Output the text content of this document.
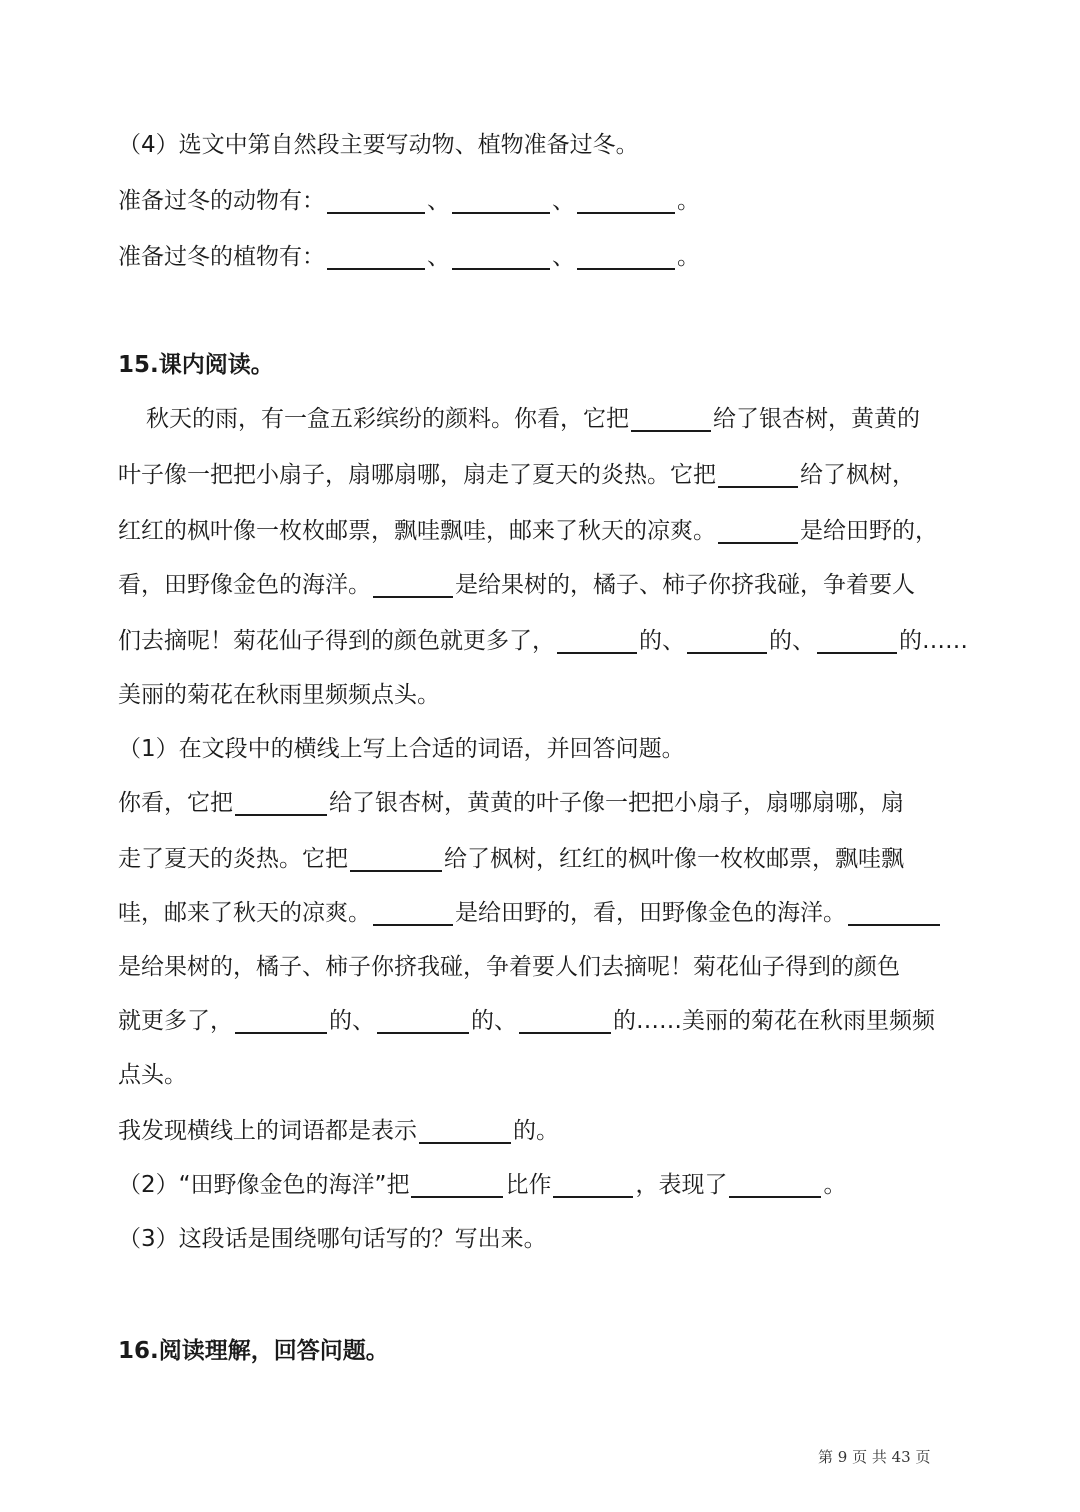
（4）选文中第自然段主要写动物、植物准备过冬。
准备过冬的动物有：	、	、	。
准备过冬的植物有：	、	、	。
15.课内阅读。
秋天的雨，有一盒五彩缤纷的颜料。你看，它把	给了银杏树，黄黄的
叶子像一把把小扇子，扇哪扇哪，扇走了夏天的炎热。它把	给了枫树，
红红的枫叶像一枚枚邮票，飘哇飘哇，邮来了秋天的凉爽。	是给田野的，
看，田野像金色的海洋。	是给果树的，橘子、柿子你挤我碰，争着要人
们去摘呢！菊花仙子得到的颜色就更多了，	的、	的、	的……
美丽的菊花在秋雨里频频点头。
（1）在文段中的横线上写上合适的词语，并回答问题。
你看，它把	给了银杏树，黄黄的叶子像一把把小扇子，扇哪扇哪，扇
走了夏天的炎热。它把	给了枫树，红红的枫叶像一枚枚邮票，飘哇飘
哇，邮来了秋天的凉爽。	是给田野的，看，田野像金色的海洋。
是给果树的，橘子、柿子你挤我碰，争着要人们去摘呢！菊花仙子得到的颜色
就更多了，	的、	的、	的……美丽的菊花在秋雨里频频
点头。
我发现横线上的词语都是表示	的。
（2）“田野像金色的海洋”把	比作	，表现了	。
（3）这段话是围绕哪句话写的？写出来。
16.阅读理解，回答问题。
第 9 页 共 43 页
